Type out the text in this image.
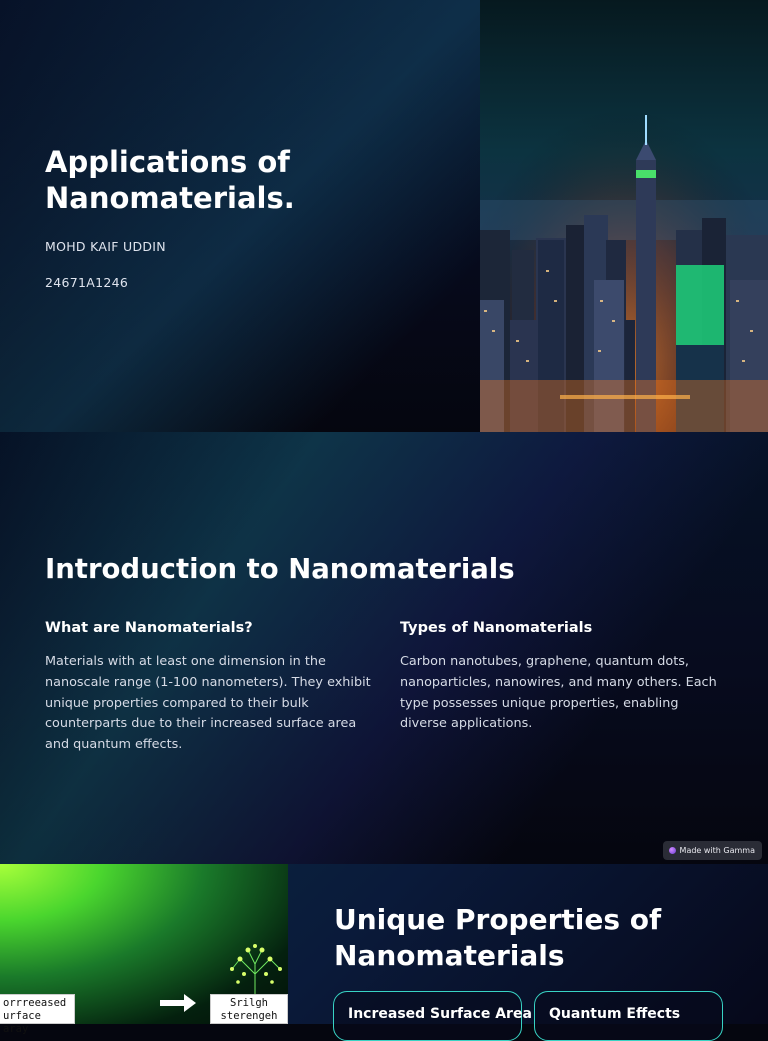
Applications of Nanomaterials.
MOHD KAIF UDDIN
24671A1246
Introduction to Nanomaterials
What are Nanomaterials?

Materials with at least one dimension in the nanoscale range (1-100 nanometers). They exhibit unique properties compared to their bulk counterparts due to their increased surface area and quantum effects.

Types of Nanomaterials

Carbon nanotubes, graphene, quantum dots, nanoparticles, nanowires, and many others. Each type possesses unique properties, enabling diverse applications.

Made with Gamma
orrreeased urface aray
Srilgh sterengeh
Unique Properties of Nanomaterials
Increased Surface Area	Quantum Effects
